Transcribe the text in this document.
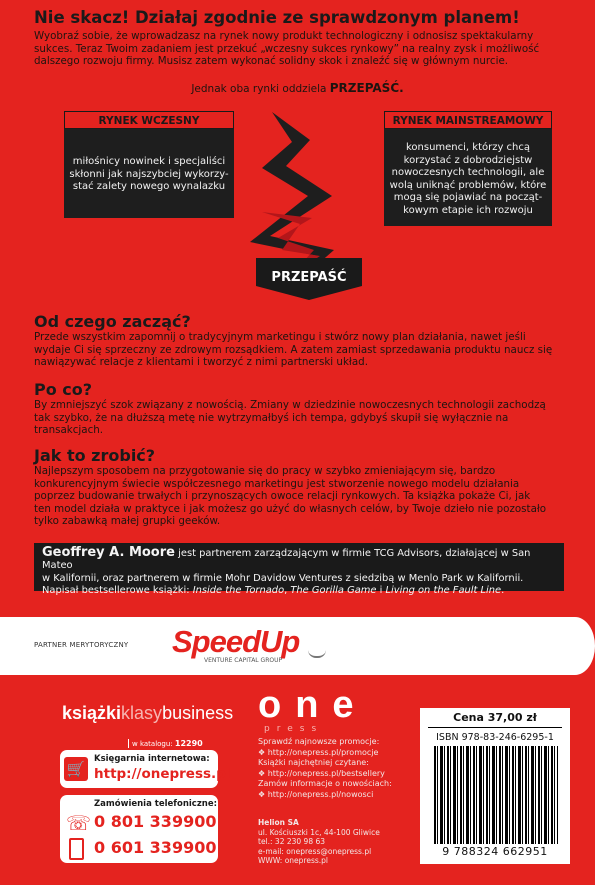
Nie skacz! Działaj zgodnie ze sprawdzonym planem!
Wyobraź sobie, że wprowadzasz na rynek nowy produkt technologiczny i odnosisz spektakularny
sukces. Teraz Twoim zadaniem jest przekuć „wczesny sukces rynkowy” na realny zysk i możliwość
dalszego rozwoju firmy. Musisz zatem wykonać solidny skok i znaleźć się w głównym nurcie.
Jednak oba rynki oddziela PRZEPAŚĆ.
miłośnicy nowinek i specjaliści
skłonni jak najszybciej wykorzy-
stać zalety nowego wynalazku
RYNEK WCZESNY
konsumenci, którzy chcą
korzystać z dobrodziejstw
nowoczesnych technologii, ale
wolą uniknąć problemów, które
mogą się pojawiać na począt-
kowym etapie ich rozwoju
RYNEK MAINSTREAMOWY
PRZEPAŚĆ
Od czego zacząć?
Przede wszystkim zapomnij o tradycyjnym marketingu i stwórz nowy plan działania, nawet jeśli
wydaje Ci się sprzeczny ze zdrowym rozsądkiem. A zatem zamiast sprzedawania produktu naucz się
nawiązywać relacje z klientami i tworzyć z nimi partnerski układ.
Po co?
By zmniejszyć szok związany z nowością. Zmiany w dziedzinie nowoczesnych technologii zachodzą
tak szybko, że na dłuższą metę nie wytrzymałbyś ich tempa, gdybyś skupił się wyłącznie na
transakcjach.
Jak to zrobić?
Najlepszym sposobem na przygotowanie się do pracy w szybko zmieniającym się, bardzo
konkurencyjnym świecie współczesnego marketingu jest stworzenie nowego modelu działania
poprzez budowanie trwałych i przynoszących owoce relacji rynkowych. Ta książka pokaże Ci, jak
ten model działa w praktyce i jak możesz go użyć do własnych celów, by Twoje dzieło nie pozostało
tylko zabawką małej grupki geeków.
Geoffrey A. Moore jest partnerem zarządzającym w firmie TCG Advisors, działającej w San Mateo
w Kalifornii, oraz partnerem w firmie Mohr Davidow Ventures z siedzibą w Menlo Park w Kalifornii.
Napisał bestsellerowe książki: Inside the Tornado, The Gorilla Game i Living on the Fault Line.
PARTNER MERYTORYCZNY SpeedUp
VENTURE CAPITAL GROUP
książkiklasybusiness
w katalogu: 12290
🛒
Księgarnia internetowa:
http://onepress.pl
☏
Zamówienia telefoniczne:
0 801 339900
0 601 339900
one
press
Sprawdź najnowsze promocje:
❖ http://onepress.pl/promocje
Książki najchętniej czytane:
❖ http://onepress.pl/bestsellery
Zamów informacje o nowościach:
❖ http://onepress.pl/nowosci
Helion SA
ul. Kościuszki 1c, 44-100 Gliwice
tel.: 32 230 98 63
e-mail: onepress@onepress.pl
WWW: onepress.pl
Cena 37,00 zł
ISBN 978-83-246-6295-1
9 788324 662951
